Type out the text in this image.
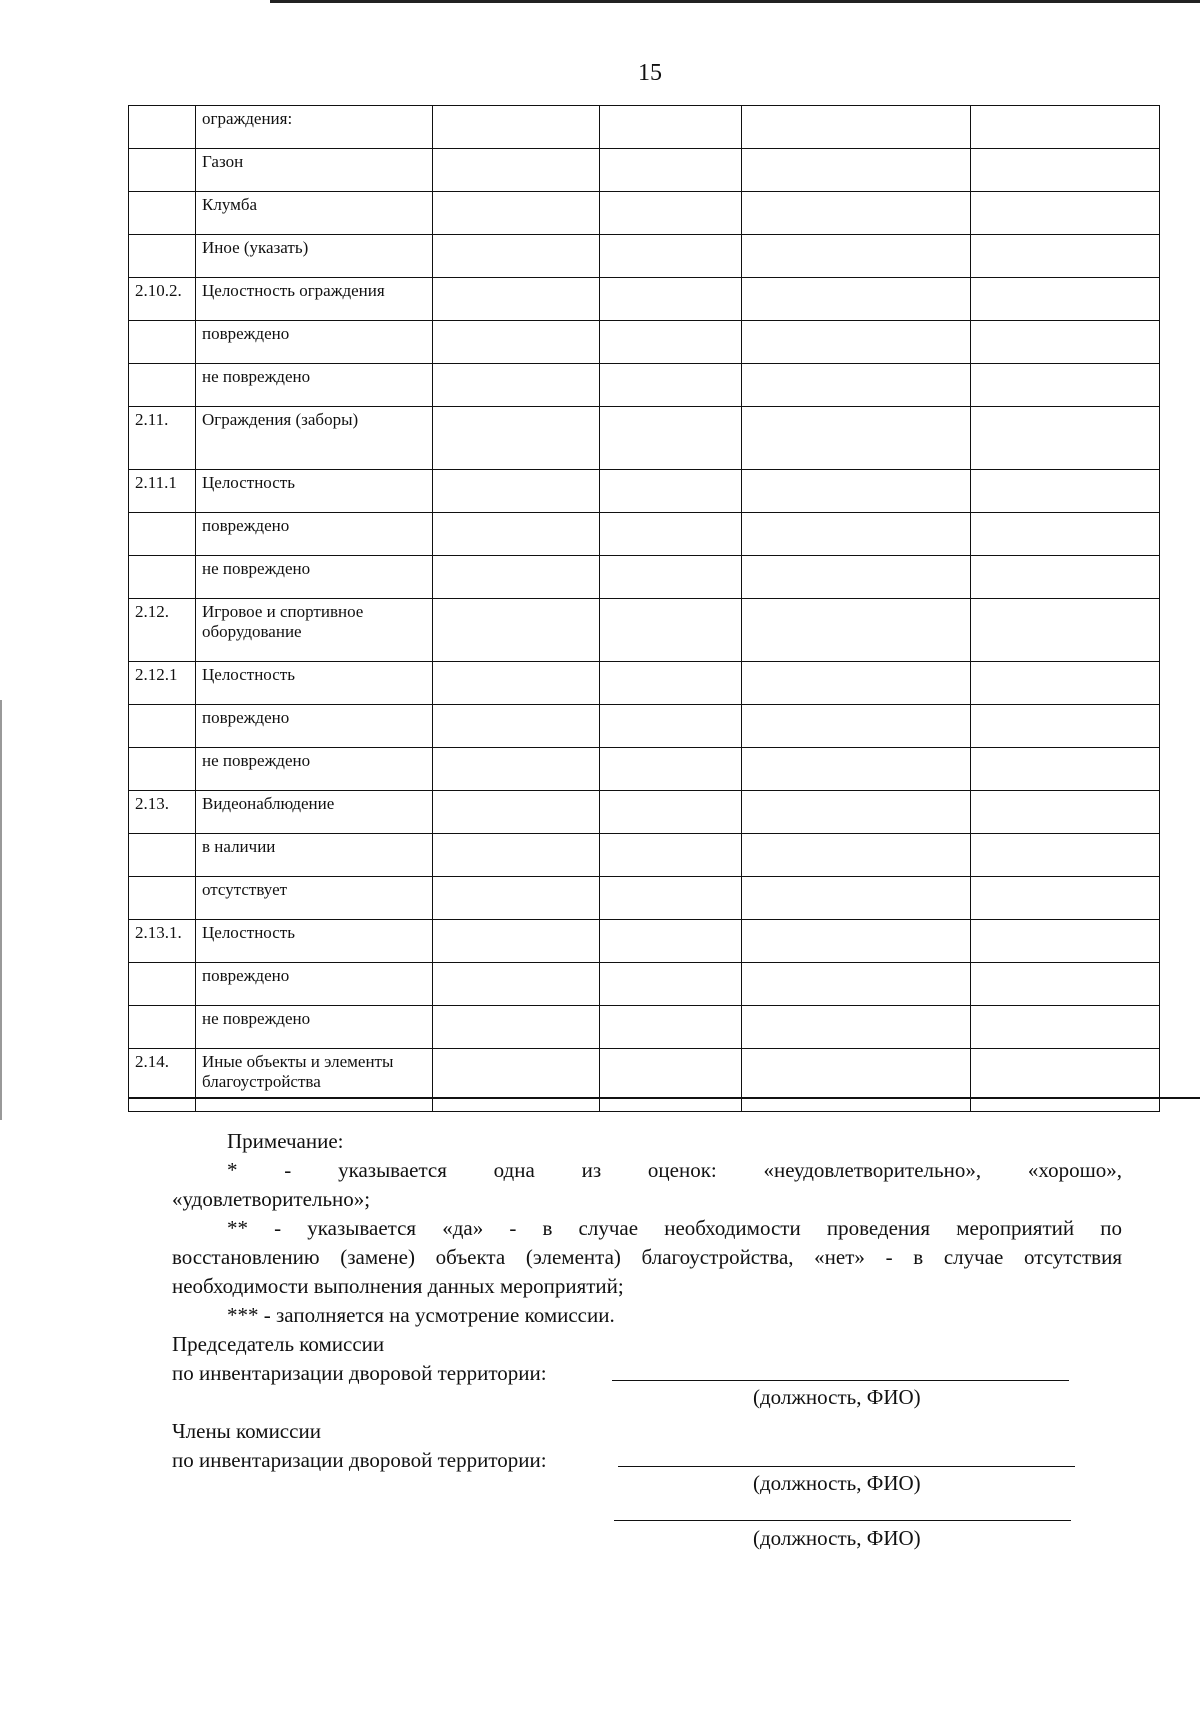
15
	ограждения:				
	Газон				
	Клумба				
	Иное (указать)				
2.10.2.	Целостность ограждения				
	повреждено				
	не повреждено				
2.11.	Ограждения (заборы)				
2.11.1	Целостность				
	повреждено				
	не повреждено				
2.12.	Игровое и спортивное оборудование				
2.12.1	Целостность				
	повреждено				
	не повреждено				
2.13.	Видеонаблюдение				
	в наличии				
	отсутствует				
2.13.1.	Целостность				
	повреждено				
	не повреждено				
2.14.	Иные объекты и элементы благоустройства				

Примечание:

* - указывается одна из оценок: «неудовлетворительно», «хорошо»,

«удовлетворительно»;

** - указывается «да» - в случае необходимости проведения мероприятий по

восстановлению (замене) объекта (элемента) благоустройства, «нет» - в случае отсутствия

необходимости выполнения данных мероприятий;

*** - заполняется на усмотрение комиссии.

Председатель комиссии

по инвентаризации дворовой территории:

Члены комиссии

по инвентаризации дворовой территории:

(должность, ФИО)
(должность, ФИО)
(должность, ФИО)
